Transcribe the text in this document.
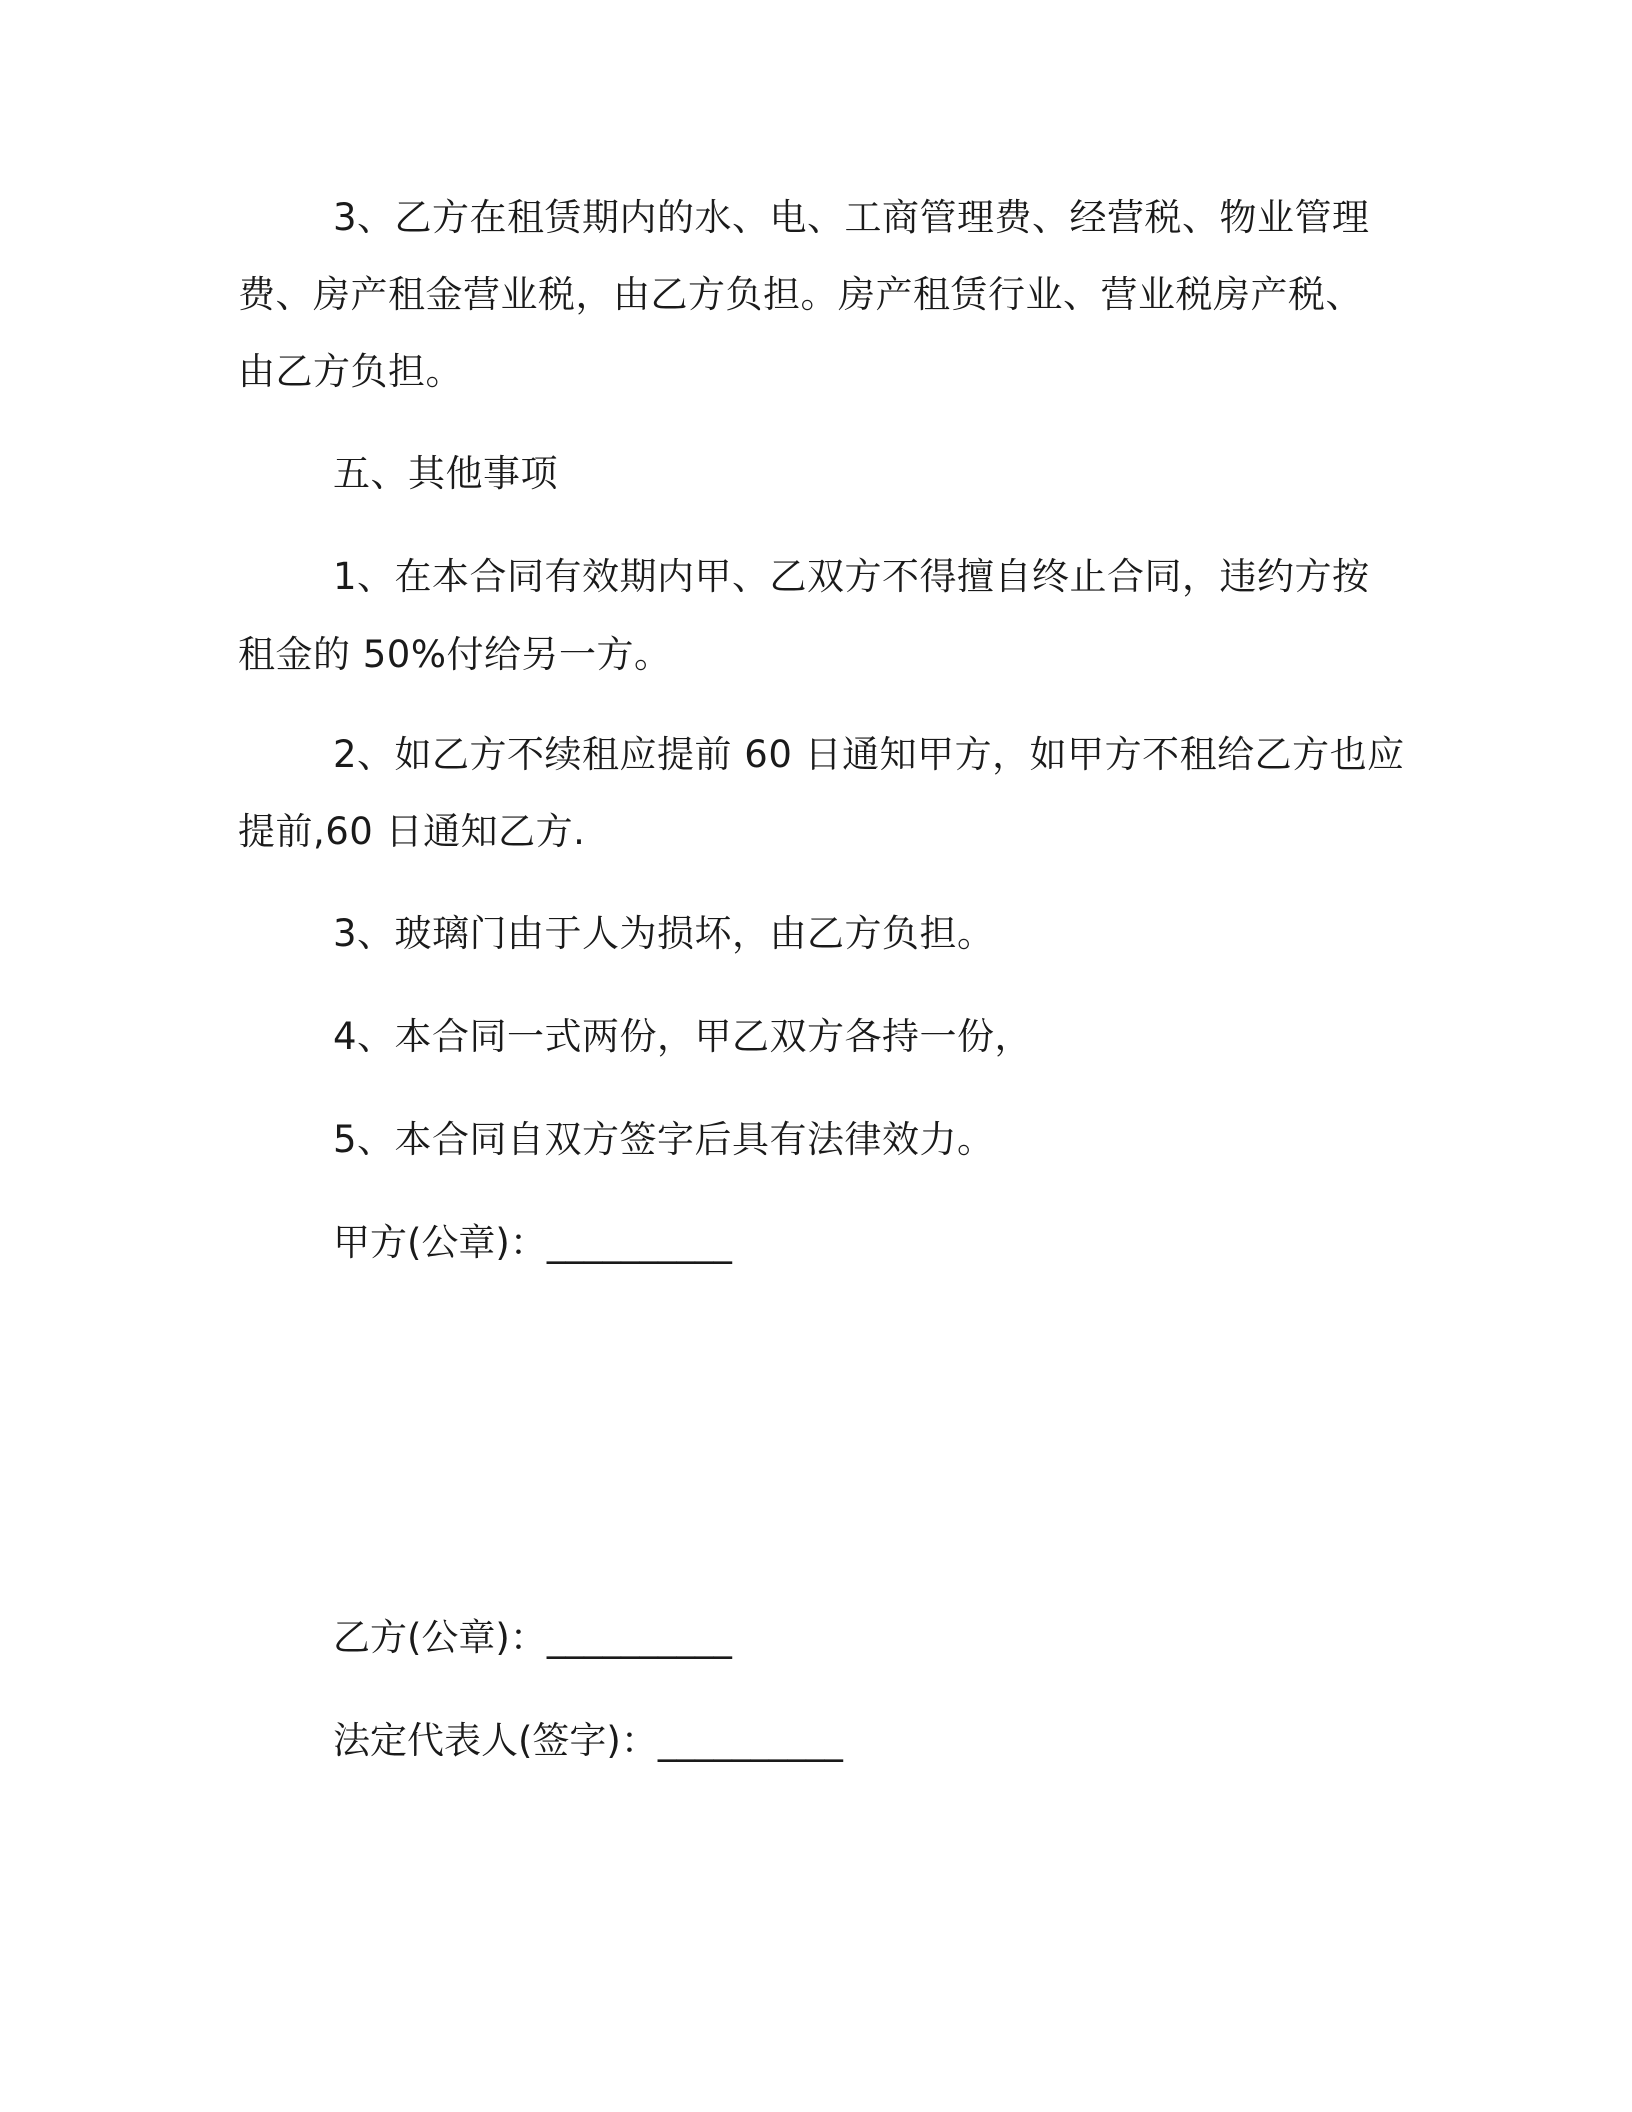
3、乙方在租赁期内的水、电、工商管理费、经营税、物业管理
费、房产租金营业税，由乙方负担。房产租赁行业、营业税房产税、
由乙方负担。
五、其他事项
1、在本合同有效期内甲、乙双方不得擅自终止合同，违约方按
租金的 50%付给另一方。
2、如乙方不续租应提前 60 日通知甲方，如甲方不租给乙方也应
提前,60 日通知乙方.
3、玻璃门由于人为损坏，由乙方负担。
4、本合同一式两份，甲乙双方各持一份，
5、本合同自双方签字后具有法律效力。
甲方(公章)：__________
乙方(公章)：__________
法定代表人(签字)：__________
